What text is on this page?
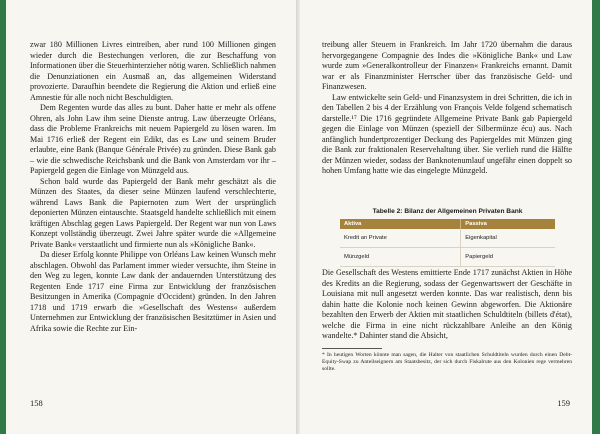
zwar 180 Millionen Livres eintreiben, aber rund 100 Millionen gingen wieder durch die Bestechungen verloren, die zur Beschaffung von Informationen über die Steuerhinterzieher nötig waren. Schließlich nahmen die Denunziationen ein Ausmaß an, das allgemeinen Widerstand provozierte. Daraufhin beendete die Regierung die Aktion und erließ eine Amnestie für alle noch nicht Beschuldigten.

Dem Regenten wurde das alles zu bunt. Daher hatte er mehr als offene Ohren, als John Law ihm seine Dienste antrug. Law überzeugte Orléans, dass die Probleme Frankreichs mit neuem Papiergeld zu lösen waren. Im Mai 1716 erließ der Regent ein Edikt, das es Law und seinem Bruder erlaubte, eine Bank (Banque Générale Privée) zu gründen. Diese Bank gab – wie die schwedische Reichsbank und die Bank von Amsterdam vor ihr – Papiergeld gegen die Einlage von Münzgeld aus.

Schon bald wurde das Papiergeld der Bank mehr geschätzt als die Münzen des Staates, da dieser seine Münzen laufend verschlechterte, während Laws Bank die Papiernoten zum Wert der ursprünglich deponierten Münzen eintauschte. Staatsgeld handelte schließlich mit einem kräftigen Abschlag gegen Laws Papiergeld. Der Regent war nun von Laws Konzept vollständig überzeugt. Zwei Jahre später wurde die »Allgemeine Private Bank« verstaatlicht und firmierte nun als »Königliche Bank«.

Da dieser Erfolg konnte Philippe von Orléans Law keinen Wunsch mehr abschlagen. Obwohl das Parlament immer wieder versuchte, ihm Steine in den Weg zu legen, konnte Law dank der andauernden Unterstützung des Regenten Ende 1717 eine Firma zur Entwicklung der französischen Besitzungen in Amerika (Compagnie d'Occident) gründen. In den Jahren 1718 und 1719 erwarb die »Gesellschaft des Westens« außerdem Unternehmen zur Entwicklung der französischen Besitztümer in Asien und Afrika sowie die Rechte zur Ein-

158

treibung aller Steuern in Frankreich. Im Jahr 1720 übernahm die daraus hervorgegangene Compagnie des Indes die »Königliche Bank« und Law wurde zum »Generalkontrolleur der Finanzen« Frankreichs ernannt. Damit war er als Finanzminister Herrscher über das französische Geld- und Finanzwesen.

Law entwickelte sein Geld- und Finanzsystem in drei Schritten, die ich in den Tabellen 2 bis 4 der Erzählung von François Velde folgend schematisch darstelle.¹⁷ Die 1716 gegründete Allgemeine Private Bank gab Papiergeld gegen die Einlage von Münzen (speziell der Silbermünze écu) aus. Nach anfänglich hundertprozentiger Deckung des Papiergeldes mit Münzen ging die Bank zur fraktionalen Reservehaltung über. Sie verlieh rund die Hälfte der Münzen wieder, sodass der Banknotenumlauf ungefähr einen doppelt so hohen Umfang hatte wie das eingelegte Münzgeld.

Tabelle 2: Bilanz der Allgemeinen Privaten Bank
Aktiva	Passiva
Kredit an Private	Eigenkapital
Münzgeld	Papiergeld

Die Gesellschaft des Westens emittierte Ende 1717 zunächst Aktien in Höhe des Kredits an die Regierung, sodass der Gegenwartswert der Geschäfte in Louisiana mit null angesetzt werden konnte. Das war realistisch, denn bis dahin hatte die Kolonie noch keinen Gewinn abgeworfen. Die Aktionäre bezahlten den Erwerb der Aktien mit staatlichen Schuldtiteln (billets d'état), welche die Firma in eine nicht rückzahlbare Anleihe an den König wandelte.* Dahinter stand die Absicht,

* In heutigen Worten könnte man sagen, die Halter von staatlichen Schuldtiteln wurden durch einen Debt-Equity-Swap zu Anteilseignern am Staatsbesitz, der sich durch Fiskalrute aus den Kolonien rege vermehren sollte.

159
